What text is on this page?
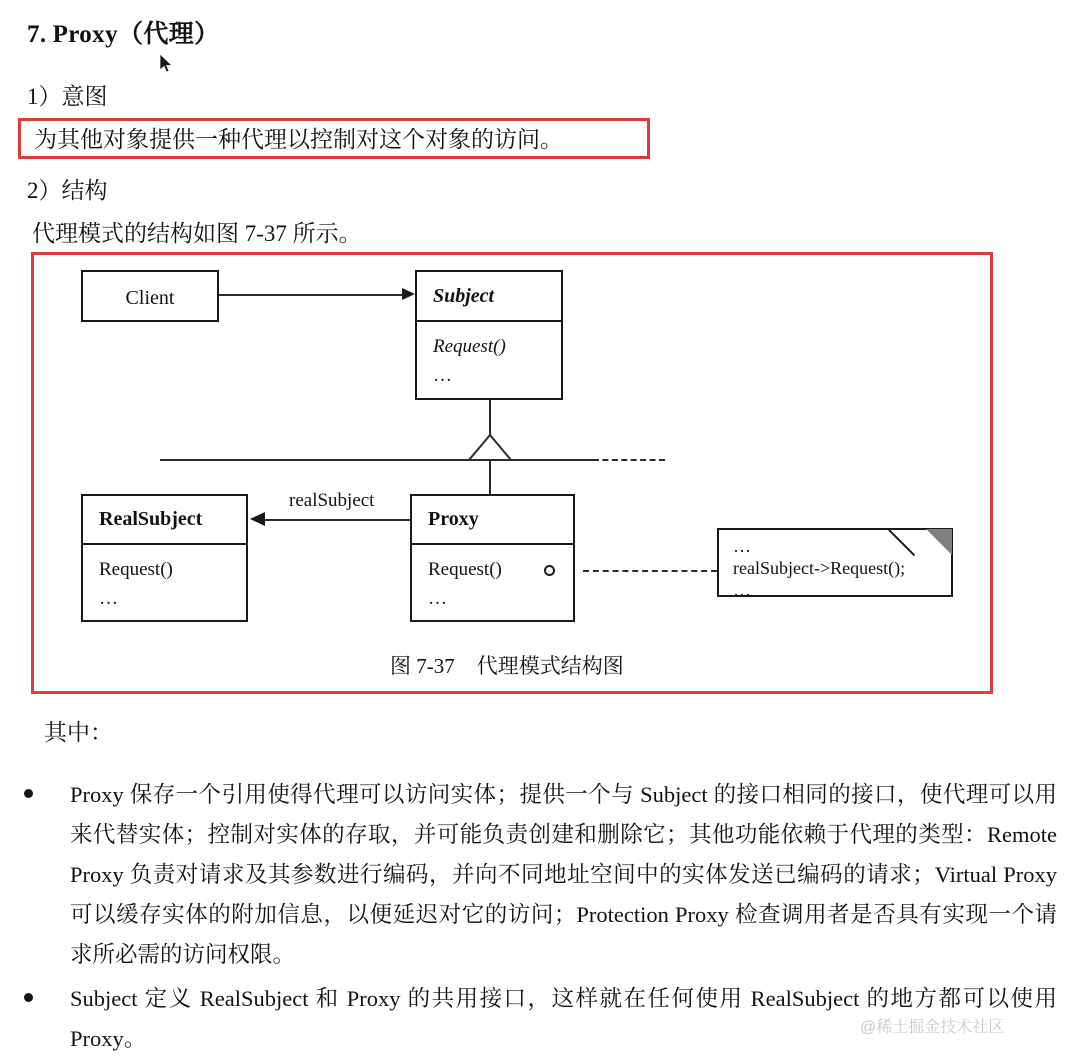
7. Proxy（代理）
1）意图
为其他对象提供一种代理以控制对这个对象的访问。
2）结构
代理模式的结构如图 7-37 所示。
Client	Subject
Request()
…
RealSubject
Request()
…
Proxy
Request()
…
realSubject
…
realSubject->Request();
…
图 7-37 代理模式结构图
其中：
Proxy 保存一个引用使得代理可以访问实体；提供一个与 Subject 的接口相同的接口，使代理可以用来代替实体；控制对实体的存取，并可能负责创建和删除它；其他功能依赖于代理的类型：Remote Proxy 负责对请求及其参数进行编码，并向不同地址空间中的实体发送已编码的请求；Virtual Proxy 可以缓存实体的附加信息，以便延迟对它的访问；Protection Proxy 检查调用者是否具有实现一个请求所必需的访问权限。
Subject 定义 RealSubject 和 Proxy 的共用接口，这样就在任何使用 RealSubject 的地方都可以使用 Proxy。	@稀土掘金技术社区
